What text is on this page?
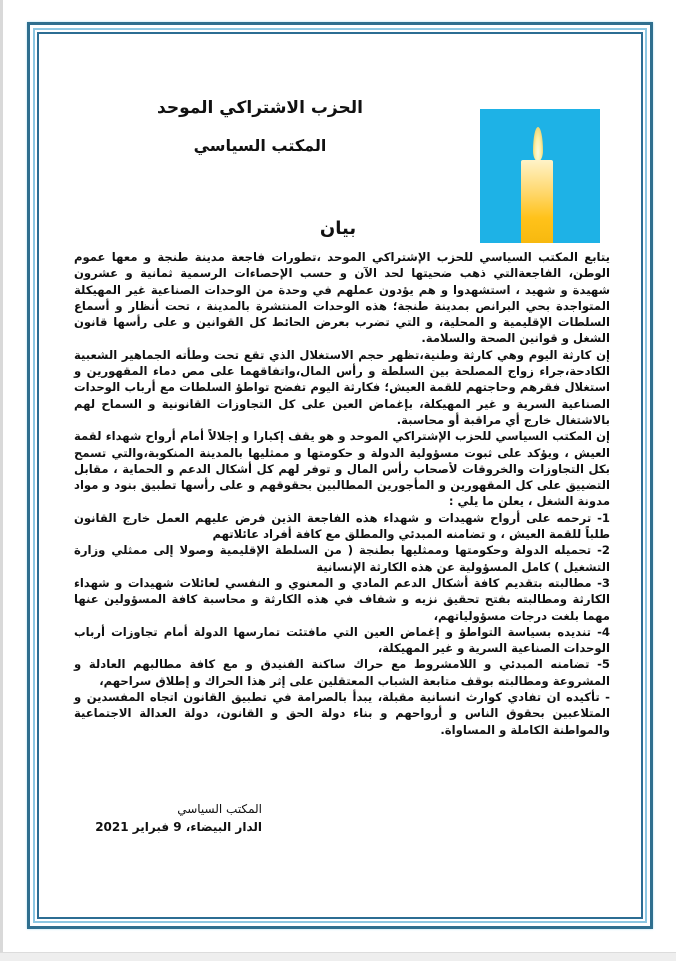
الحزب الاشتراكي الموحد
المكتب السياسي
بيان

يتابع المكتب السياسي للحزب الإشتراكي الموحد ،تطورات فاجعة مدينة طنجة و معها عموم الوطن، الفاجعةالتي ذهب ضحيتها لحد الآن و حسب الإحصاءات الرسمية ثمانية و عشرون شهيدة و شهيد ، استشهدوا و هم يؤدون عملهم في وحدة من الوحدات الصناعية غير المهيكلة المتواجدة بحي البرانص بمدينة طنجة؛ هذه الوحدات المنتشرة بالمدينة ، تحت أنظار و أسماع السلطات الإقليمية و المحلية، و التي تضرب بعرض الحائط كل القوانين و على رأسها قانون الشغل و قوانين الصحة والسلامة.

إن كارثة اليوم وهي كارثة وطنية،تظهر حجم الاستغلال الذي تقع تحت وطأته الجماهير الشعبية الكادحة،جراء زواج المصلحة بين السلطة و رأس المال،واتفاقهما على مص دماء المقهورين و استغلال فقرهم وحاجتهم للقمة العيش؛ فكارثة اليوم تفضح تواطؤ السلطات مع أرباب الوحدات الصناعية السرية و غير المهيكلة، بإغماض العين على كل التجاوزات القانونية و السماح لهم بالاشتغال خارج أي مراقبة أو محاسبة.

إن المكتب السياسي للحزب الإشتراكي الموحد و هو يقف إكبارا و إجلالاً أمام أرواح شهداء لقمة العيش ، ويؤكد على ثبوت مسؤولية الدولة و حكومتها و ممثليها بالمدينة المنكوبة،والتي تسمح بكل التجاوزات والخروقات لأصحاب رأس المال و توفر لهم كل أشكال الدعم و الحماية ، مقابل التضييق على كل المقهورين و المأجورين المطالبين بحقوقهم و على رأسها تطبيق بنود و مواد مدونة الشغل ، يعلن ما يلي :

1- ترحمه على أرواح شهيدات و شهداء هذه الفاجعة الذين فرض عليهم العمل خارج القانون طلباً للقمة العيش ، و تضامنه المبدئي والمطلق مع كافة أفراد عائلاتهم

2- تحميله الدولة وحكومتها وممثليها بطنجة ( من السلطة الإقليمية وصولا إلى ممثلي وزارة التشغيل ) كامل المسؤولية عن هذه الكارثة الإنسانية

3- مطالبته بتقديم كافة أشكال الدعم المادي و المعنوي و النفسي لعائلات شهيدات و شهداء الكارثة ومطالبته بفتح تحقيق نزيه و شفاف في هذه الكارثة و محاسبة كافة المسؤولين عنها مهما بلغت درجات مسؤولياتهم،

4- تنديده بسياسة التواطؤ و إغماض العين التي مافتئت تمارسها الدولة أمام تجاوزات أرباب الوحدات الصناعية السرية و غير المهيكلة،

5- تضامنه المبدئي و اللامشروط مع حراك ساكنة الفنيدق و مع كافة مطالبهم العادلة و المشروعة ومطالبته بوقف متابعة الشباب المعتقلين على إثر هذا الحراك و إطلاق سراحهم،

- تأكيده ان تفادي كوارث انسانية مقبلة، يبدأ بالصرامة في تطبيق القانون اتجاه المفسدين و المتلاعبين بحقوق الناس و أرواحهم و بناء دولة الحق و القانون، دولة العدالة الاجتماعية والمواطنة الكاملة و المساواة.

المكتب السياسي
الدار البيضاء، 9 فبراير 2021
